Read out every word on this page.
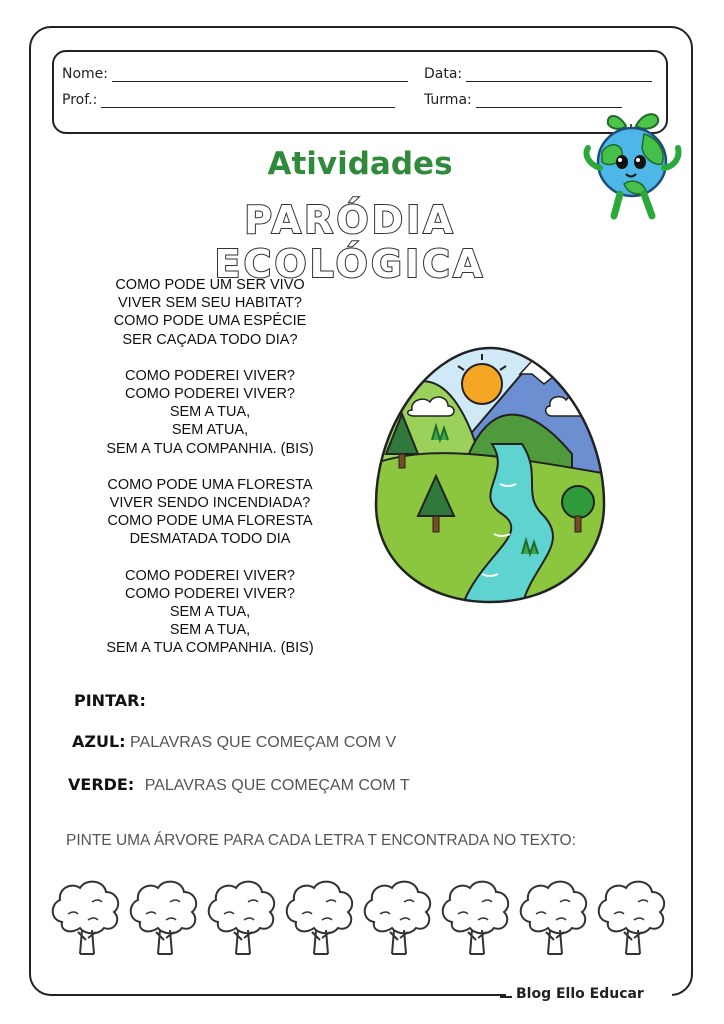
Blog Ello Educar
Nome:	Data:
Prof.:	Turma:
Atividades
PARÓDIA ECOLÓGICA
COMO PODE UM SER VIVO
VIVER SEM SEU HABITAT?
COMO PODE UMA ESPÉCIE
SER CAÇADA TODO DIA?
COMO PODEREI VIVER?
COMO PODEREI VIVER?
SEM A TUA,
SEM ATUA,
SEM A TUA COMPANHIA. (BIS)
COMO PODE UMA FLORESTA
VIVER SENDO INCENDIADA?
COMO PODE UMA FLORESTA
DESMATADA TODO DIA
COMO PODEREI VIVER?
COMO PODEREI VIVER?
SEM A TUA,
SEM A TUA,
SEM A TUA COMPANHIA. (BIS)
PINTAR:
AZUL: PALAVRAS QUE COMEÇAM COM V
VERDE: PALAVRAS QUE COMEÇAM COM T
PINTE UMA ÁRVORE PARA CADA LETRA T ENCONTRADA NO TEXTO:
